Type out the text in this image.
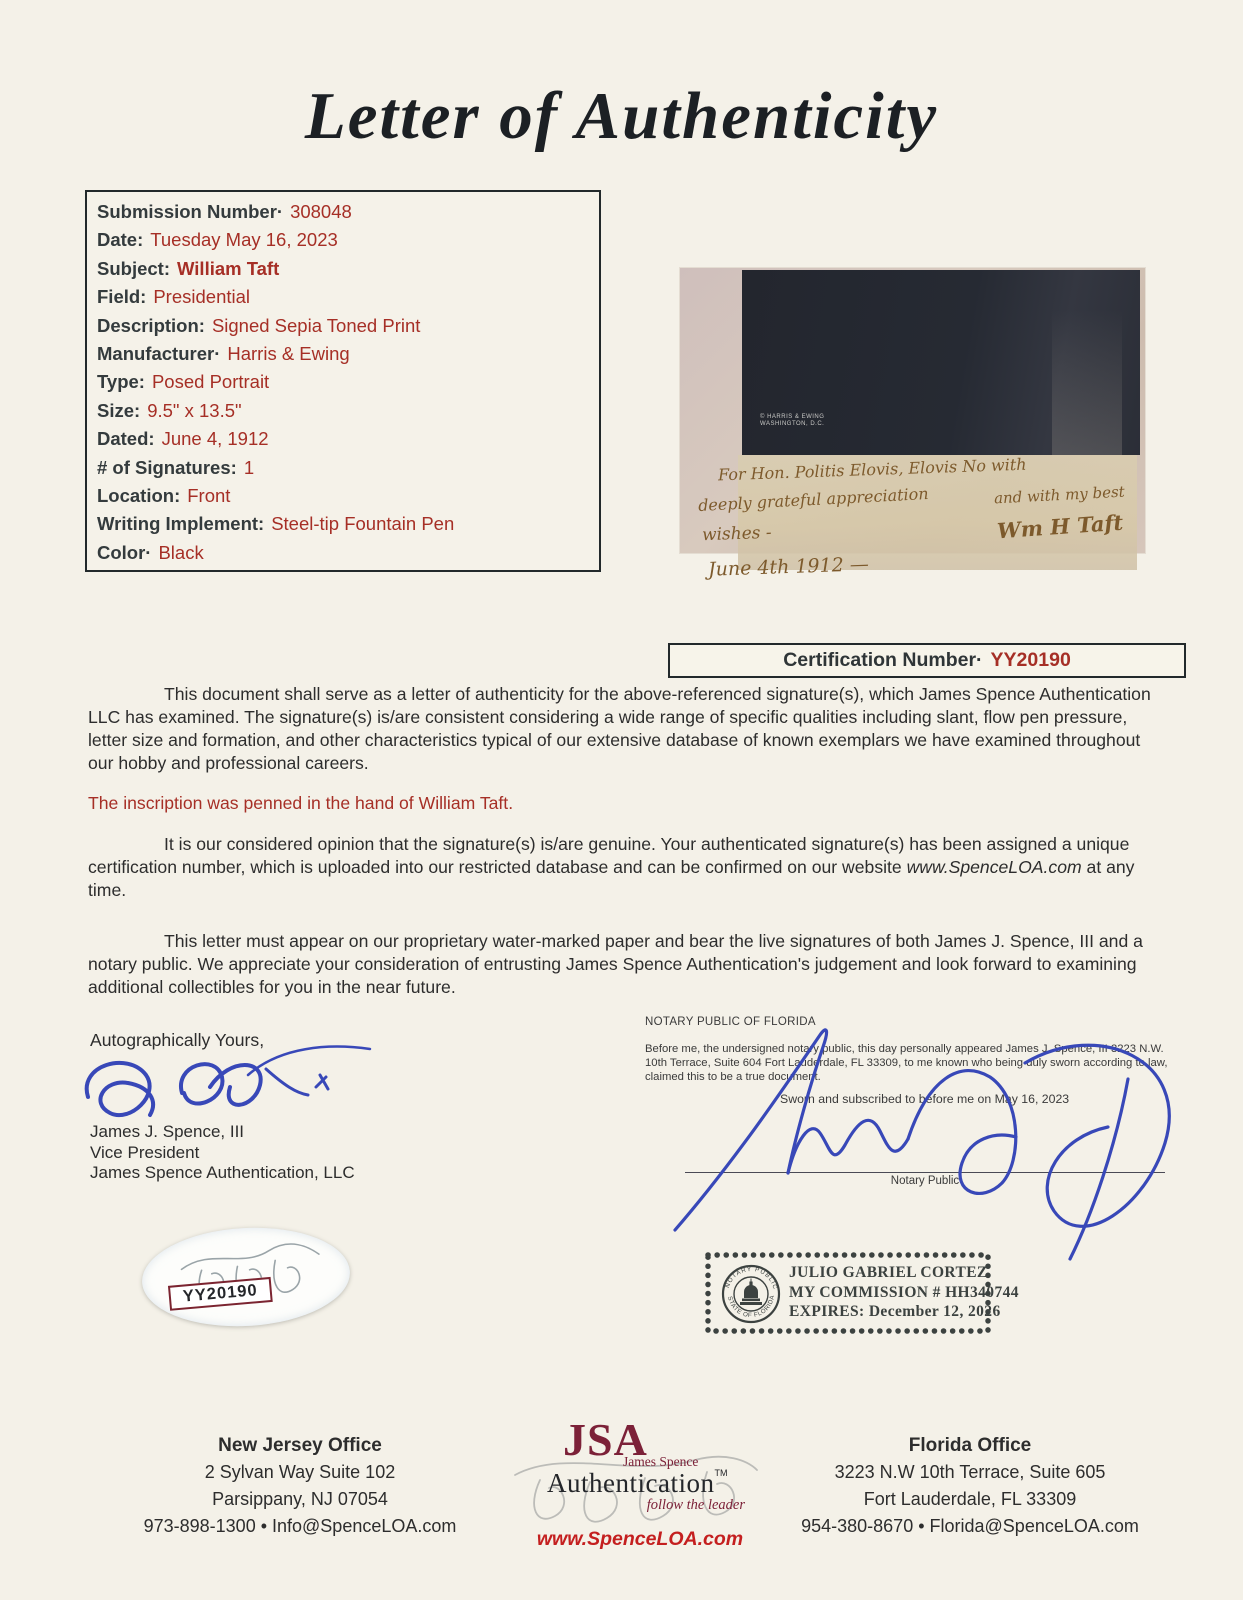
Letter of Authenticity
Submission Number· 308048
Date: Tuesday May 16, 2023
Subject: William Taft
Field: Presidential
Description: Signed Sepia Toned Print
Manufacturer· Harris & Ewing
Type: Posed Portrait
Size: 9.5" x 13.5"
Dated: June 4, 1912
# of Signatures: 1
Location: Front
Writing Implement: Steel-tip Fountain Pen
Color· Black
© HARRIS & EWING
WASHINGTON, D.C.
For Hon. Politis Elovis, Elovis No with
and with my best
deeply grateful appreciation
wishes -	Wm H Taft
June 4th 1912 —
Certification Number· YY20190
This document shall serve as a letter of authenticity for the above-referenced signature(s), which James Spence Authentication LLC has examined. The signature(s) is/are consistent considering a wide range of specific qualities including slant, flow pen pressure, letter size and formation, and other characteristics typical of our extensive database of known exemplars we have examined throughout our hobby and professional careers.
The inscription was penned in the hand of William Taft.
It is our considered opinion that the signature(s) is/are genuine. Your authenticated signature(s) has been assigned a unique certification number, which is uploaded into our restricted database and can be confirmed on our website www.SpenceLOA.com at any time.
This letter must appear on our proprietary water-marked paper and bear the live signatures of both James J. Spence, III and a notary public. We appreciate your consideration of entrusting James Spence Authentication's judgement and look forward to examining additional collectibles for you in the near future.
Autographically Yours,
James J. Spence, III
Vice President
James Spence Authentication, LLC
NOTARY PUBLIC OF FLORIDA
Before me, the undersigned notary public, this day personally appeared James J. Spence, III 3223 N.W. 10th Terrace, Suite 604 Fort Lauderdale, FL 33309, to me known who being duly sworn according to law, claimed this to be a true document.
Sworn and subscribed to before me on May 16, 2023
Notary Public
YY20190	NOTARY PUBLIC
STATE OF FLORIDA
JULIO GABRIEL CORTEZ
MY COMMISSION # HH340744
EXPIRES: December 12, 2026
New Jersey Office
2 Sylvan Way Suite 102
Parsippany, NJ 07054
973-898-1300 • Info@SpenceLOA.com
JSA
James Spence
Authentication™
follow the leader
www.SpenceLOA.com
Florida Office
3223 N.W 10th Terrace, Suite 605
Fort Lauderdale, FL 33309
954-380-8670 • Florida@SpenceLOA.com
